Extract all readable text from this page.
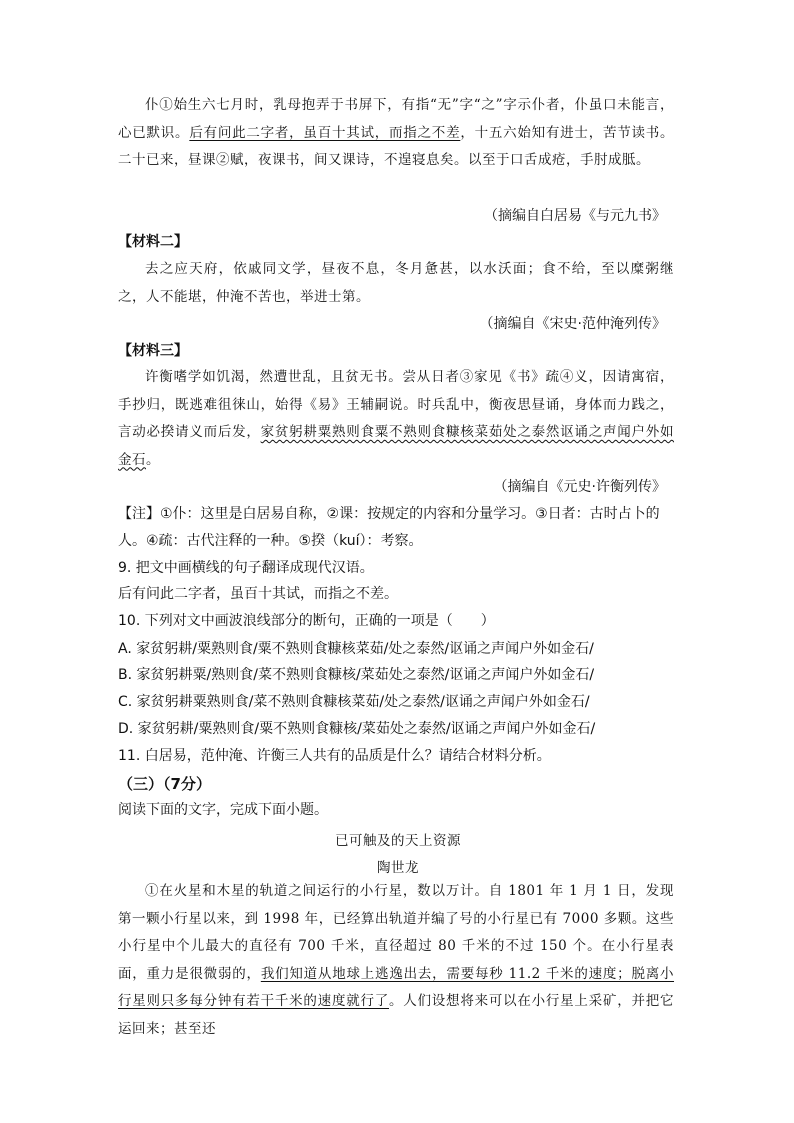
仆①始生六七月时，乳母抱弄于书屏下，有指“无”字“之”字示仆者，仆虽口未能言，心已默识。后有问此二字者，虽百十其试，而指之不差，十五六始知有进士，苦节读书。二十已来，昼课②赋，夜课书，间又课诗，不遑寝息矣。以至于口舌成疮，手肘成胝。

（摘编自白居易《与元九书》
【材料二】

去之应天府，依戚同文学，昼夜不息，冬月惫甚，以水沃面；食不给，至以糜粥继之，人不能堪，仲淹不苦也，举进士第。

（摘编自《宋史·范仲淹列传》
【材料三】

许衡嗜学如饥渴，然遭世乱，且贫无书。尝从日者③家见《书》疏④义，因请寓宿，手抄归，既逃难徂徕山，始得《易》王辅嗣说。时兵乱中，衡夜思昼诵，身体而力践之，言动必揆请义而后发，家贫躬耕粟熟则食粟不熟则食糠核菜茹处之泰然讴诵之声闻户外如金石。

（摘编自《元史·许衡列传》

【注】①仆：这里是白居易自称，②课：按规定的内容和分量学习。③日者：古时占卜的

人。④疏：古代注释的一种。⑤揆（kuí）：考察。

9. 把文中画横线的句子翻译成现代汉语。

后有问此二字者，虽百十其试，而指之不差。

10. 下列对文中画波浪线部分的断句，正确的一项是（　　）

A. 家贫躬耕/粟熟则食/粟不熟则食糠核菜茹/处之泰然/讴诵之声闻户外如金石/

B. 家贫躬耕粟/熟则食/菜不熟则食糠核/菜茹处之泰然/讴诵之声闻户外如金石/

C. 家贫躬耕粟熟则食/菜不熟则食糠核菜茹/处之泰然/讴诵之声闻户外如金石/

D. 家贫躬耕/粟熟则食/粟不熟则食糠核/菜茹处之泰然/讴诵之声闻户外如金石/

11. 白居易，范仲淹、许衡三人共有的品质是什么？请结合材料分析。

（三）（7分）

阅读下面的文字，完成下面小题。

已可触及的天上资源
陶世龙

①在火星和木星的轨道之间运行的小行星，数以万计。自 1801 年 1 月 1 日，发现第一颗小行星以来，到 1998 年，已经算出轨道并编了号的小行星已有 7000 多颗。这些小行星中个儿最大的直径有 700 千米，直径超过 80 千米的不过 150 个。在小行星表面，重力是很微弱的，我们知道从地球上逃逸出去，需要每秒 11.2 千米的速度；脱离小行星则只多每分钟有若干千米的速度就行了。人们设想将来可以在小行星上采矿，并把它运回来；甚至还
